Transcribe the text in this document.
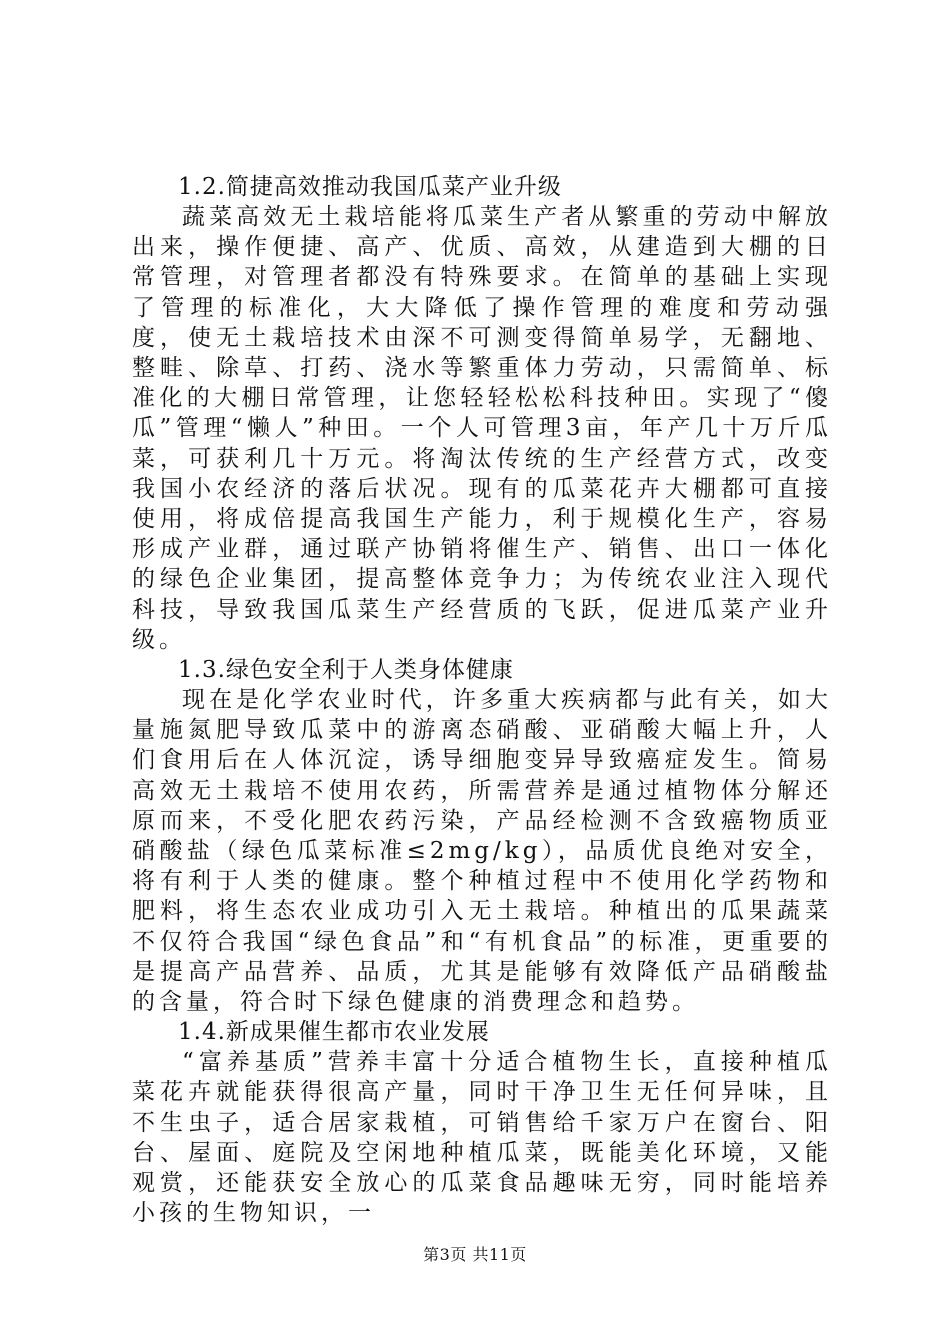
1.2.简捷高效推动我国瓜菜产业升级

蔬菜高效无土栽培能将瓜菜生产者从繁重的劳动中解放出来，操作便捷、高产、优质、高效，从建造到大棚的日常管理，对管理者都没有特殊要求。在简单的基础上实现了管理的标准化，大大降低了操作管理的难度和劳动强度，使无土栽培技术由深不可测变得简单易学，无翻地、整畦、除草、打药、浇水等繁重体力劳动，只需简单、标准化的大棚日常管理，让您轻轻松松科技种田。实现了“傻瓜”管理“懒人”种田。一个人可管理3亩，年产几十万斤瓜菜，可获利几十万元。将淘汰传统的生产经营方式，改变我国小农经济的落后状况。现有的瓜菜花卉大棚都可直接使用，将成倍提高我国生产能力，利于规模化生产，容易形成产业群，通过联产协销将催生产、销售、出口一体化的绿色企业集团，提高整体竞争力；为传统农业注入现代科技，导致我国瓜菜生产经营质的飞跃，促进瓜菜产业升级。

1.3.绿色安全利于人类身体健康

现在是化学农业时代，许多重大疾病都与此有关，如大量施氮肥导致瓜菜中的游离态硝酸、亚硝酸大幅上升，人们食用后在人体沉淀，诱导细胞变异导致癌症发生。简易高效无土栽培不使用农药，所需营养是通过植物体分解还原而来，不受化肥农药污染，产品经检测不含致癌物质亚硝酸盐（绿色瓜菜标准≤2mg/kg），品质优良绝对安全，将有利于人类的健康。整个种植过程中不使用化学药物和肥料，将生态农业成功引入无土栽培。种植出的瓜果蔬菜不仅符合我国“绿色食品”和“有机食品”的标准，更重要的是提高产品营养、品质，尤其是能够有效降低产品硝酸盐的含量，符合时下绿色健康的消费理念和趋势。

1.4.新成果催生都市农业发展

“富养基质”营养丰富十分适合植物生长，直接种植瓜菜花卉就能获得很高产量，同时干净卫生无任何异味，且不生虫子，适合居家栽植，可销售给千家万户在窗台、阳台、屋面、庭院及空闲地种植瓜菜，既能美化环境，又能观赏，还能获安全放心的瓜菜食品趣味无穷，同时能培养小孩的生物知识，一

第3页 共11页
